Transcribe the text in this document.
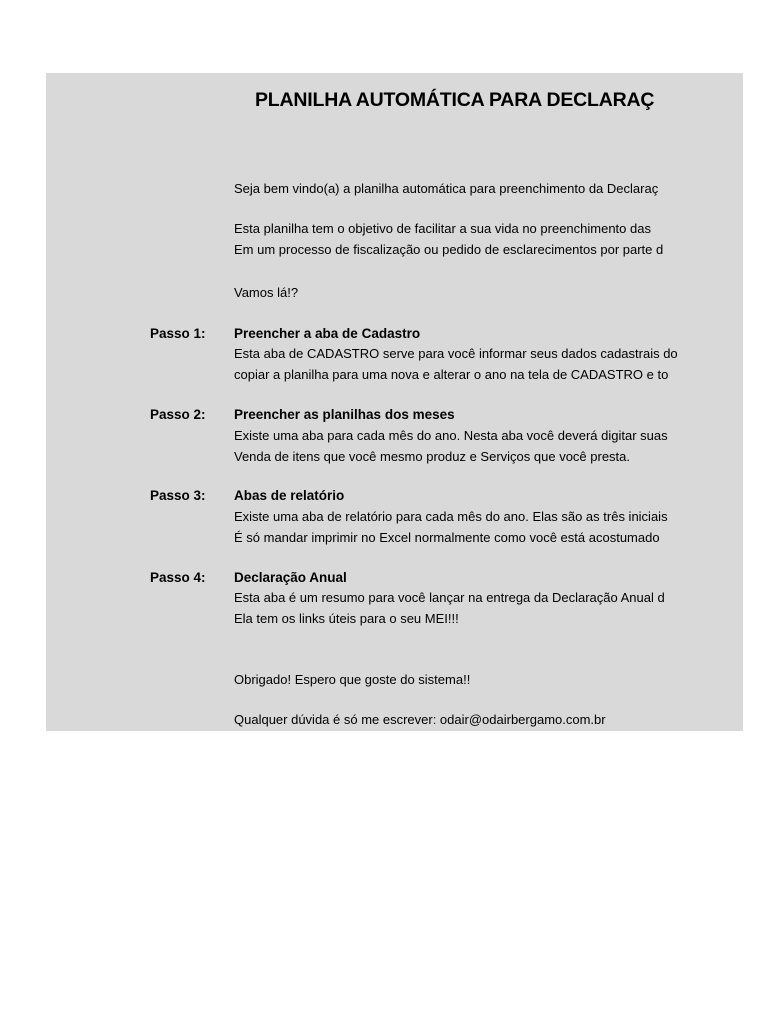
PLANILHA AUTOMÁTICA PARA DECLARAÇ
Seja bem vindo(a) a planilha automática para preenchimento da Declaraç
Esta planilha tem o objetivo de facilitar a sua vida no preenchimento das
Em um processo de fiscalização ou pedido de esclarecimentos por parte d
Vamos lá!?
Passo 1: Preencher a aba de Cadastro
Esta aba de CADASTRO serve para você informar seus dados cadastrais do
copiar a planilha para uma nova e alterar o ano na tela de CADASTRO e to
Passo 2: Preencher as planilhas dos meses
Existe uma aba para cada mês do ano. Nesta aba você deverá digitar suas
Venda de itens que você mesmo produz e Serviços que você presta.
Passo 3: Abas de relatório
Existe uma aba de relatório para cada mês do ano. Elas são as três iniciais
É só mandar imprimir no Excel normalmente como você está acostumado
Passo 4: Declaração Anual
Esta aba é um resumo para você lançar na entrega da Declaração Anual d
Ela tem os links úteis para o seu MEI!!!
Obrigado! Espero que goste do sistema!!
Qualquer dúvida é só me escrever: odair@odairbergamo.com.br
